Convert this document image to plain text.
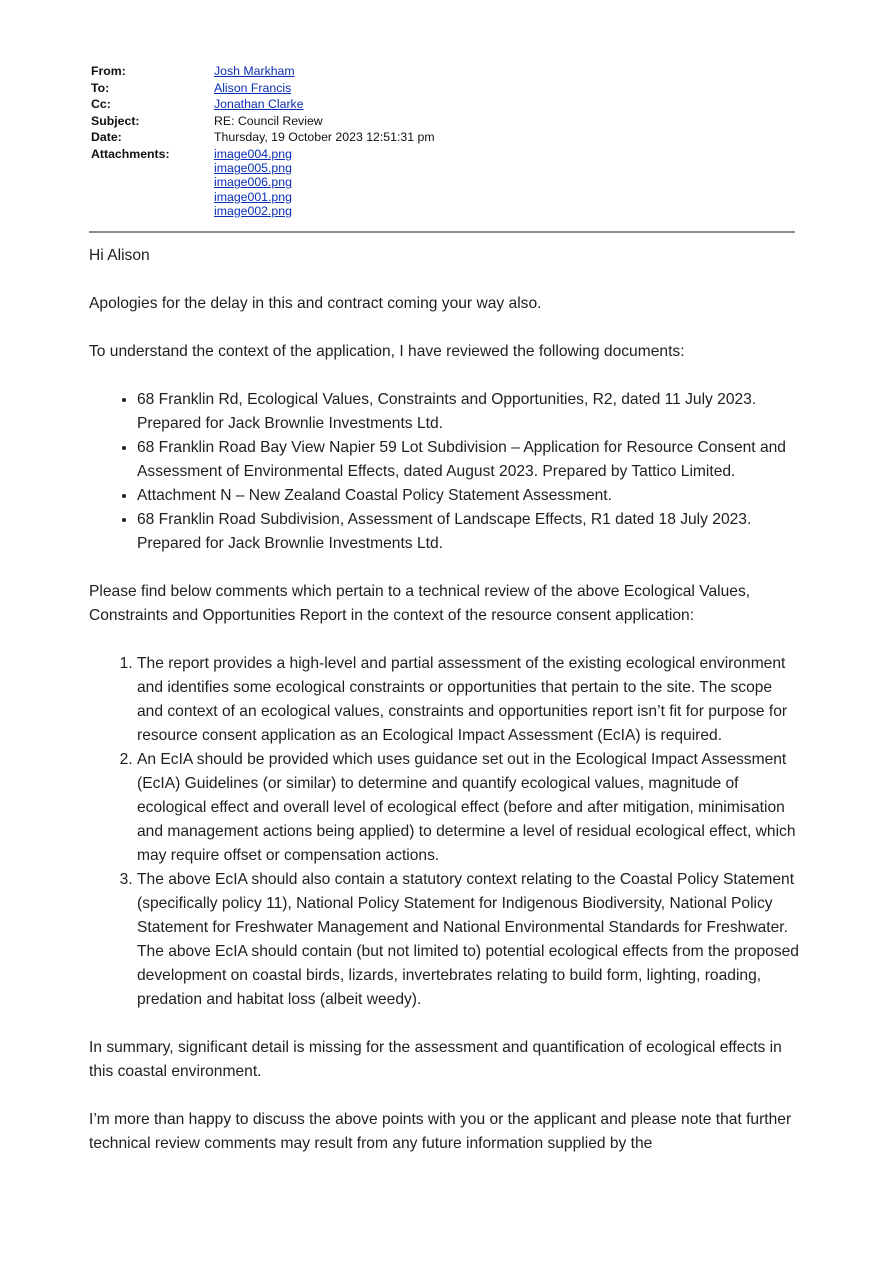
From:	Josh Markham
To:	Alison Francis
Cc:	Jonathan Clarke
Subject:	RE: Council Review
Date:	Thursday, 19 October 2023 12:51:31 pm
Attachments:	image004.png
image005.png
image006.png
image001.png
image002.png

Hi Alison

Apologies for the delay in this and contract coming your way also.

To understand the context of the application, I have reviewed the following documents:

• 68 Franklin Rd, Ecological Values, Constraints and Opportunities, R2, dated 11 July 2023. Prepared for Jack Brownlie Investments Ltd.
• 68 Franklin Road Bay View Napier 59 Lot Subdivision – Application for Resource Consent and Assessment of Environmental Effects, dated August 2023. Prepared by Tattico Limited.
• Attachment N – New Zealand Coastal Policy Statement Assessment.
• 68 Franklin Road Subdivision, Assessment of Landscape Effects, R1 dated 18 July 2023. Prepared for Jack Brownlie Investments Ltd.

Please find below comments which pertain to a technical review of the above Ecological Values, Constraints and Opportunities Report in the context of the resource consent application:

1. The report provides a high-level and partial assessment of the existing ecological environment and identifies some ecological constraints or opportunities that pertain to the site. The scope and context of an ecological values, constraints and opportunities report isn’t fit for purpose for resource consent application as an Ecological Impact Assessment (EcIA) is required.
2. An EcIA should be provided which uses guidance set out in the Ecological Impact Assessment (EcIA) Guidelines (or similar) to determine and quantify ecological values, magnitude of ecological effect and overall level of ecological effect (before and after mitigation, minimisation and management actions being applied) to determine a level of residual ecological effect, which may require offset or compensation actions.
3. The above EcIA should also contain a statutory context relating to the Coastal Policy Statement (specifically policy 11), National Policy Statement for Indigenous Biodiversity, National Policy Statement for Freshwater Management and National Environmental Standards for Freshwater. The above EcIA should contain (but not limited to) potential ecological effects from the proposed development on coastal birds, lizards, invertebrates relating to build form, lighting, roading, predation and habitat loss (albeit weedy).

In summary, significant detail is missing for the assessment and quantification of ecological effects in this coastal environment.

I’m more than happy to discuss the above points with you or the applicant and please note that further technical review comments may result from any future information supplied by the
